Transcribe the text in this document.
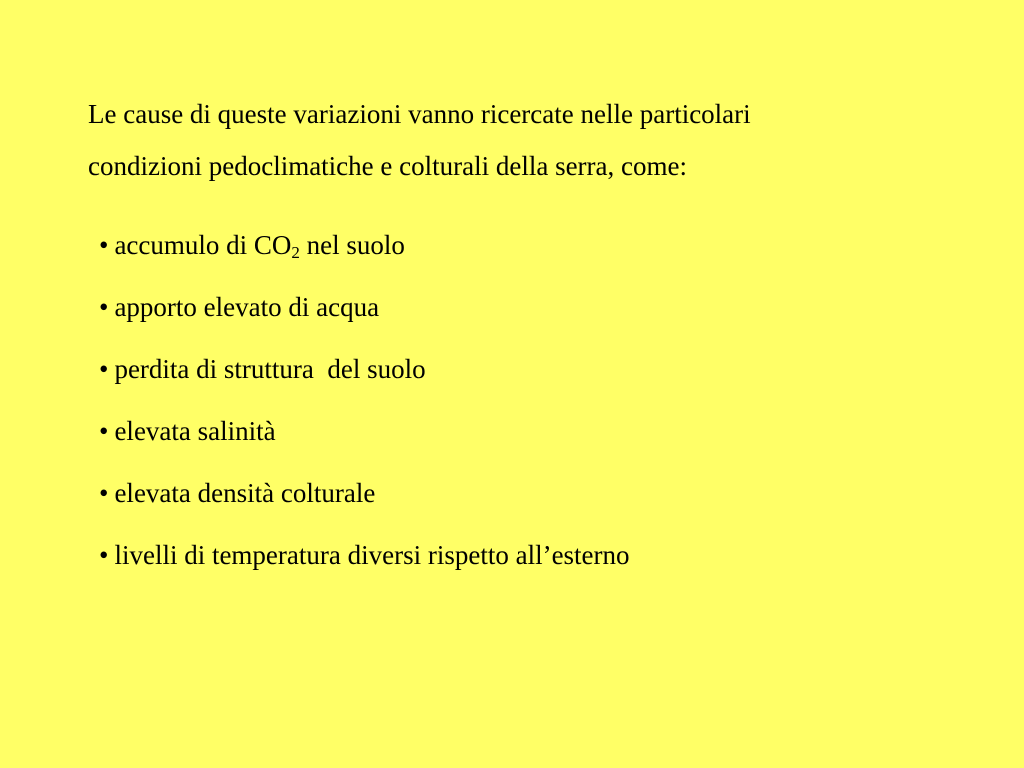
Le cause di queste variazioni vanno ricercate nelle particolari
condizioni pedoclimatiche e colturali della serra, come:

• accumulo di $CO_2$ nel suolo
• apporto elevato di acqua
• perdita di struttura  del suolo
• elevata salinità
• elevata densità colturale
• livelli di temperatura diversi rispetto all’esterno
